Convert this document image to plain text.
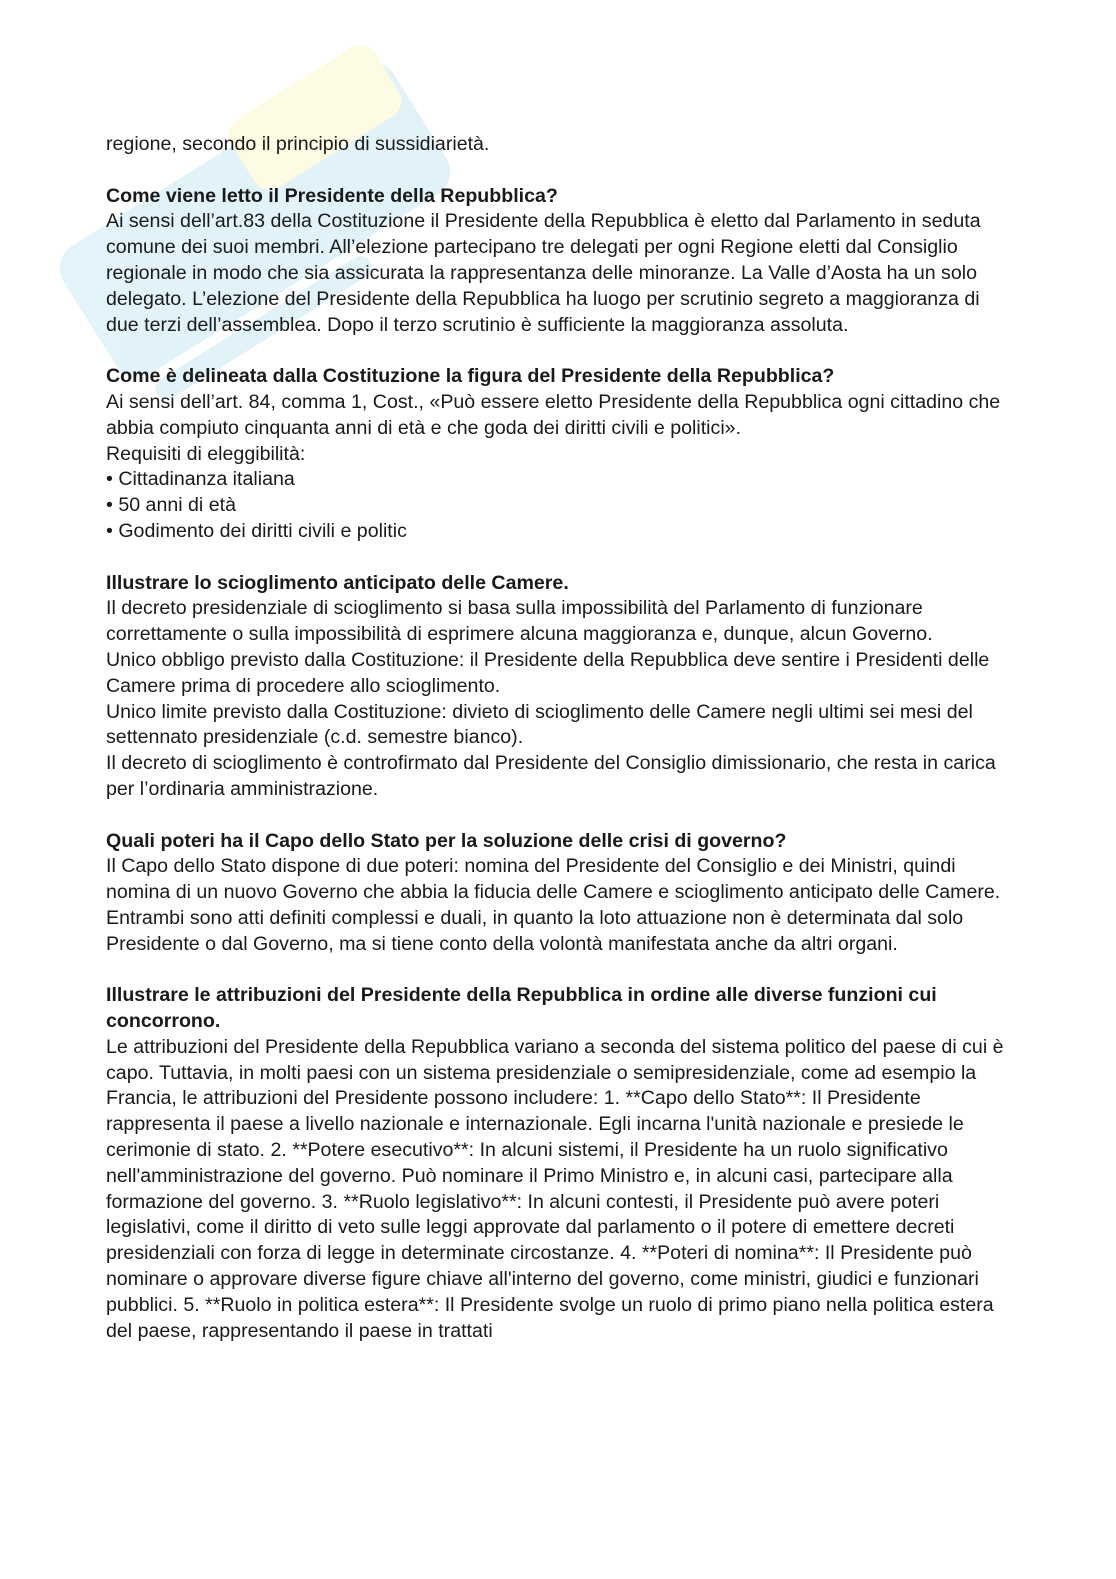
regione, secondo il principio di sussidiarietà.

Come viene letto il Presidente della Repubblica?

Ai sensi dell’art.83 della Costituzione il Presidente della Repubblica è eletto dal Parlamento in seduta comune dei suoi membri. All’elezione partecipano tre delegati per ogni Regione eletti dal Consiglio regionale in modo che sia assicurata la rappresentanza delle minoranze. La Valle d’Aosta ha un solo delegato. L’elezione del Presidente della Repubblica ha luogo per scrutinio segreto a maggioranza di due terzi dell’assemblea. Dopo il terzo scrutinio è sufficiente la maggioranza assoluta.

Come è delineata dalla Costituzione la figura del Presidente della Repubblica?

Ai sensi dell’art. 84, comma 1, Cost., «Può essere eletto Presidente della Repubblica ogni cittadino che abbia compiuto cinquanta anni di età e che goda dei diritti civili e politici».

Requisiti di eleggibilità:

• Cittadinanza italiana
• 50 anni di età
• Godimento dei diritti civili e politic

Illustrare lo scioglimento anticipato delle Camere.

Il decreto presidenziale di scioglimento si basa sulla impossibilità del Parlamento di funzionare correttamente o sulla impossibilità di esprimere alcuna maggioranza e, dunque, alcun Governo.

Unico obbligo previsto dalla Costituzione: il Presidente della Repubblica deve sentire i Presidenti delle Camere prima di procedere allo scioglimento.

Unico limite previsto dalla Costituzione: divieto di scioglimento delle Camere negli ultimi sei mesi del settennato presidenziale (c.d. semestre bianco).

Il decreto di scioglimento è controfirmato dal Presidente del Consiglio dimissionario, che resta in carica per l’ordinaria amministrazione.

Quali poteri ha il Capo dello Stato per la soluzione delle crisi di governo?

Il Capo dello Stato dispone di due poteri: nomina del Presidente del Consiglio e dei Ministri, quindi nomina di un nuovo Governo che abbia la fiducia delle Camere e scioglimento anticipato delle Camere. Entrambi sono atti definiti complessi e duali, in quanto la loto attuazione non è determinata dal solo Presidente o dal Governo, ma si tiene conto della volontà manifestata anche da altri organi.

Illustrare le attribuzioni del Presidente della Repubblica in ordine alle diverse funzioni cui concorrono.

Le attribuzioni del Presidente della Repubblica variano a seconda del sistema politico del paese di cui è capo. Tuttavia, in molti paesi con un sistema presidenziale o semipresidenziale, come ad esempio la Francia, le attribuzioni del Presidente possono includere: 1. **Capo dello Stato**: Il Presidente rappresenta il paese a livello nazionale e internazionale. Egli incarna l'unità nazionale e presiede le cerimonie di stato. 2. **Potere esecutivo**: In alcuni sistemi, il Presidente ha un ruolo significativo nell'amministrazione del governo. Può nominare il Primo Ministro e, in alcuni casi, partecipare alla formazione del governo. 3. **Ruolo legislativo**: In alcuni contesti, il Presidente può avere poteri legislativi, come il diritto di veto sulle leggi approvate dal parlamento o il potere di emettere decreti presidenziali con forza di legge in determinate circostanze. 4. **Poteri di nomina**: Il Presidente può nominare o approvare diverse figure chiave all'interno del governo, come ministri, giudici e funzionari pubblici. 5. **Ruolo in politica estera**: Il Presidente svolge un ruolo di primo piano nella politica estera del paese, rappresentando il paese in trattati
